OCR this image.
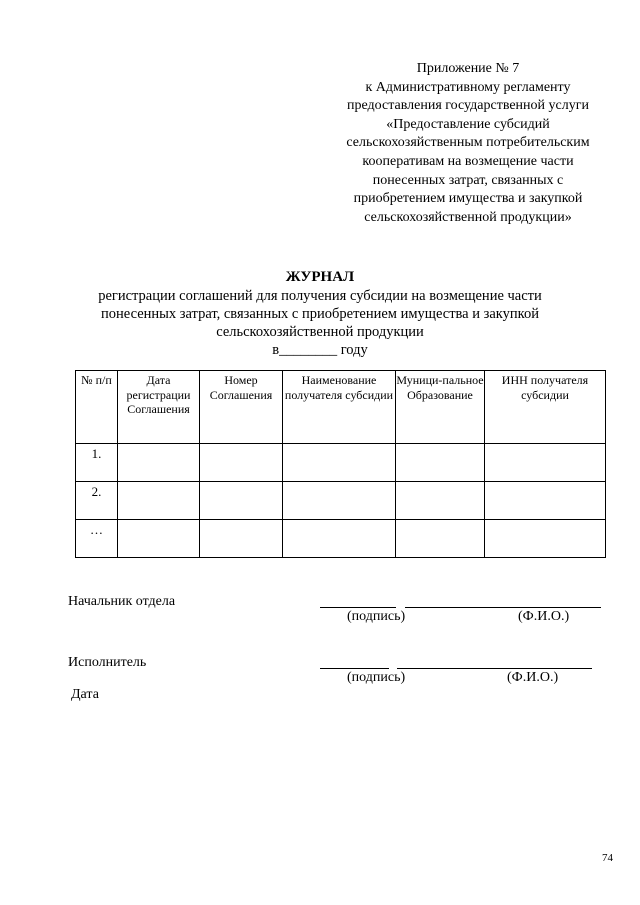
Приложение № 7
к Административному регламенту
предоставления государственной услуги
«Предоставление субсидий
сельскохозяйственным потребительским
кооперативам на возмещение части
понесенных затрат, связанных с
приобретением имущества и закупкой
сельскохозяйственной продукции»
ЖУРНАЛ
регистрации соглашений для получения субсидии на возмещение части
понесенных затрат, связанных с приобретением имущества и закупкой
сельскохозяйственной продукции
в________ году
№ п/п	Дата регистрации Соглашения	Номер Соглашения	Наименование получателя субсидии	Муници-пальное Образование	ИНН получателя субсидии
1.					
2.					
…					
Начальник отдела
(подпись)	(Ф.И.О.)
Исполнитель
(подпись)	(Ф.И.О.)
Дата
74
